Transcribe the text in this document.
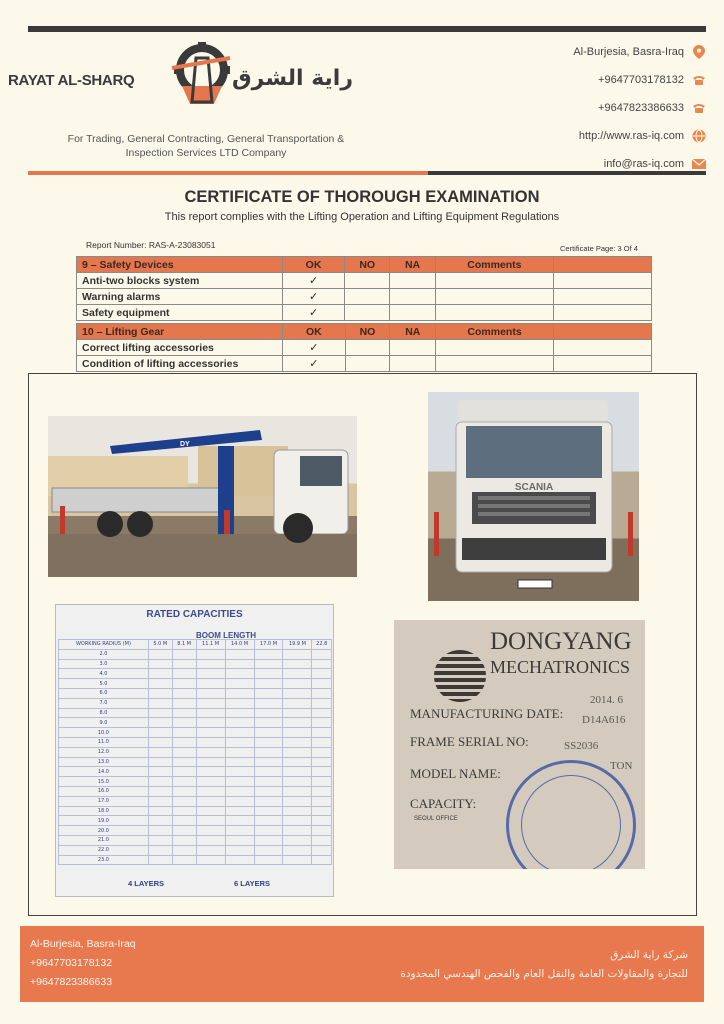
RAYAT AL-SHARQ	راية الشرق
For Trading, General Contracting, General Transportation & Inspection Services LTD Company
Al-Burjesia, Basra-Iraq
+9647703178132
+9647823386633
http://www.ras-iq.com
info@ras-iq.com
CERTIFICATE OF THOROUGH EXAMINATION
This report complies with the Lifting Operation and Lifting Equipment Regulations
Report Number: RAS-A-23083051	Certificate Page: 3 Of 4
9 – Safety Devices	OK	NO	NA	Comments	
Anti-two blocks system	✓				
Warning alarms	✓				
Safety equipment	✓				
10 – Lifting Gear	OK	NO	NA	Comments	
Correct lifting accessories	✓				
Condition of lifting accessories	✓				
DY
SCANIA
RATED CAPACITIES
BOOM LENGTH
WORKING RADIUS (M)	5.0 M	8.1 M	11.1 M	14.0 M	17.0 M	19.9 M	22.8
2.0							
3.0							
4.0							
5.0							
6.0							
7.0							
8.0							
9.0							
10.0							
11.0							
12.0							
13.0							
14.0							
15.0							
16.0							
17.0							
18.0							
19.0							
20.0							
21.0							
22.0							
23.0							
4 LAYERS	6 LAYERS
DONGYANG
MECHATRONICS
MANUFACTURING DATE:
2014. 6
FRAME SERIAL NO:
D14A616
MODEL NAME:
SS2036
CAPACITY:
TON
SEOUL OFFICE
Al-Burjesia, Basra-Iraq
+9647703178132
+9647823386633
شركة راية الشرق
للتجارة والمقاولات العامة والنقل العام والفحص الهندسي المحدودة
